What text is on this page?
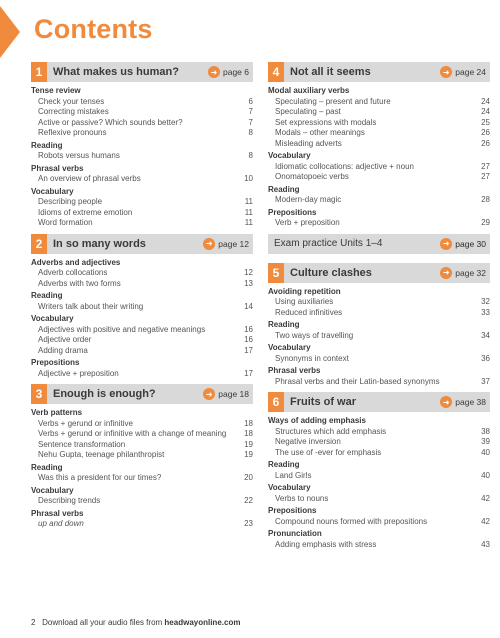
Contents
1 What makes us human?	➜ page 6
Tense review
Check your tenses	6
Correcting mistakes	7
Active or passive? Which sounds better?	7
Reflexive pronouns	8
Reading
Robots versus humans	8
Phrasal verbs
An overview of phrasal verbs	10
Vocabulary
Describing people	11
Idioms of extreme emotion	11
Word formation	11
2 In so many words	➜ page 12
Adverbs and adjectives
Adverb collocations	12
Adverbs with two forms	13
Reading
Writers talk about their writing	14
Vocabulary
Adjectives with positive and negative meanings	16
Adjective order	16
Adding drama	17
Prepositions
Adjective + preposition	17
3 Enough is enough?	➜ page 18
Verb patterns
Verbs + gerund or infinitive	18
Verbs + gerund or infinitive with a change of meaning	18
Sentence transformation	19
Nehu Gupta, teenage philanthropist	19
Reading
Was this a president for our times?	20
Vocabulary
Describing trends	22
Phrasal verbs
up and down	23
4 Not all it seems	➜ page 24
Modal auxiliary verbs
Speculating – present and future	24
Speculating – past	24
Set expressions with modals	25
Modals – other meanings	26
Misleading adverts	26
Vocabulary
Idiomatic collocations: adjective + noun	27
Onomatopoeic verbs	27
Reading
Modern-day magic	28
Prepositions
Verb + preposition	29
Exam practice Units 1–4	➜ page 30
5 Culture clashes	➜ page 32
Avoiding repetition
Using auxiliaries	32
Reduced infinitives	33
Reading
Two ways of travelling	34
Vocabulary
Synonyms in context	36
Phrasal verbs
Phrasal verbs and their Latin-based synonyms	37
6 Fruits of war	➜ page 38
Ways of adding emphasis
Structures which add emphasis	38
Negative inversion	39
The use of -ever for emphasis	40
Reading
Land Girls	40
Vocabulary
Verbs to nouns	42
Prepositions
Compound nouns formed with prepositions	42
Pronunciation
Adding emphasis with stress	43
2 Download all your audio files from headwayonline.com
